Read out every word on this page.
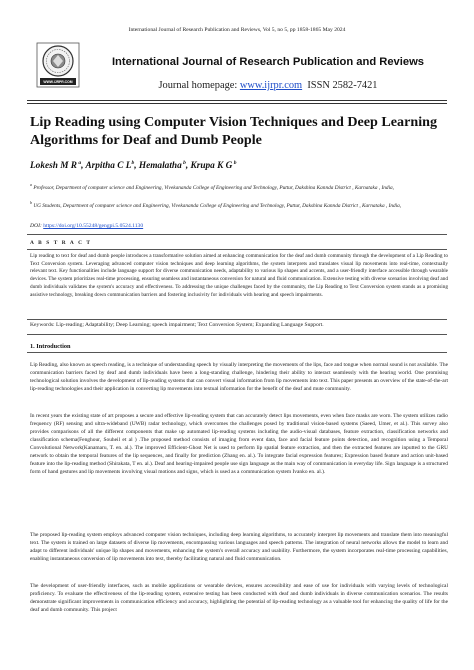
International Journal of Research Publication and Reviews, Vol 5, no 5, pp 1858-1865 May 2024
WWW.IJRPR.COM
International Journal of Research Publication and Reviews
Journal homepage: www.ijrpr.com ISSN 2582-7421
Lip Reading using Computer Vision Techniques and Deep Learning Algorithms for Deaf and Dumb People
Lokesh M R $^a$, Arpitha C $L^b$, Hemalatha $^b$, Krupa K G $^b$
$^a$ Professor, Department of computer science and Engineering, Vivekananda College of Engineering and Technology, Puttur, Dakshina Kannda District , Karnataka , India,
$^b$ UG Students, Department of computer science and Engineering, Vivekananda College of Engineering and Technology, Puttur, Dakshina Kannda District , Karnataka , India,
DOI: https://doi.org/10.55248/gengpi.5.0524.1130
A B S T R A C T
Lip reading to text for deaf and dumb people introduces a transformative solution aimed at enhancing communication for the deaf and dumb community through the development of a Lip Reading to Text Conversion system. Leveraging advanced computer vision techniques and deep learning algorithms, the system interprets and translates visual lip movements into real-time, contextually relevant text. Key functionalities include language support for diverse communication needs, adaptability to various lip shapes and accents, and a user-friendly interface accessible through wearable devices. The system prioritizes real-time processing, ensuring seamless and instantaneous conversion for natural and fluid communication. Extensive testing with diverse scenarios involving deaf and dumb individuals validates the system's accuracy and effectiveness. To addressing the unique challenges faced by the community, the Lip Reading to Text Conversion system stands as a promising assistive technology, breaking down communication barriers and fostering inclusivity for individuals with hearing and speech impairments.
Keywords: Lip-reading; Adaptability; Deep Learning; speech impairment; Text Conversion System; Expanding Language Support.
1. Introduction
Lip Reading, also known as speech reading, is a technique of understanding speech by visually interpreting the movements of the lips, face and tongue when normal sound is not available. The communication barriers faced by deaf and dumb individuals have been a long-standing challenge, hindering their ability to interact seamlessly with the hearing world. One promising technological solution involves the development of lip-reading systems that can convert visual information from lip movements into text. This paper presents an overview of the state-of-the-art lip-reading technologies and their application in converting lip movements into textual information for the benefit of the deaf and mute community.
In recent years the existing state of art proposes a secure and effective lip-reading system that can accurately detect lips movements, even when face masks are worn. The system utilizes radio frequency (RF) sensing and ultra-wideband (UWB) radar technology, which overcomes the challenges posed by traditional vision-based systems (Saeed, Umer, et al.). This survey also provides comparisons of all the different components that make up automated lip-reading systems including the audio-visual databases, feature extraction, classification networks and classification schema(Fenghour, Souheil et al ) .The proposed method consists of imaging from event data, face and facial feature points detection, and recognition using a Temporal Convolutional Network(Kanamaru, T. en. al.). The improved Efficient-Ghost Net is used to perform lip spatial feature extraction, and then the extracted features are inputted to the GRU network to obtain the temporal features of the lip sequences, and finally for prediction (Zhang en. al.). To integrate facial expression features; Expression based feature and action unit-based feature into the lip-reading method (Shirakata, T en. al.). Deaf and hearing-impaired people use sign language as the main way of communication in everyday life. Sign language is a structured form of hand gestures and lip movements involving visual motions and signs, which is used as a communication system Ivanko en. al.).
The proposed lip-reading system employs advanced computer vision techniques, including deep learning algorithms, to accurately interpret lip movements and translate them into meaningful text. The system is trained on large datasets of diverse lip movements, encompassing various languages and speech patterns. The integration of neural networks allows the model to learn and adapt to different individuals' unique lip shapes and movements, enhancing the system's overall accuracy and usability. Furthermore, the system incorporates real-time processing capabilities, enabling instantaneous conversion of lip movements into text, thereby facilitating natural and fluid communication.
The development of user-friendly interfaces, such as mobile applications or wearable devices, ensures accessibility and ease of use for individuals with varying levels of technological proficiency. To evaluate the effectiveness of the lip-reading system, extensive testing has been conducted with deaf and dumb individuals in diverse communication scenarios. The results demonstrate significant improvements in communication efficiency and accuracy, highlighting the potential of lip-reading technology as a valuable tool for enhancing the quality of life for the deaf and dumb community. This project
